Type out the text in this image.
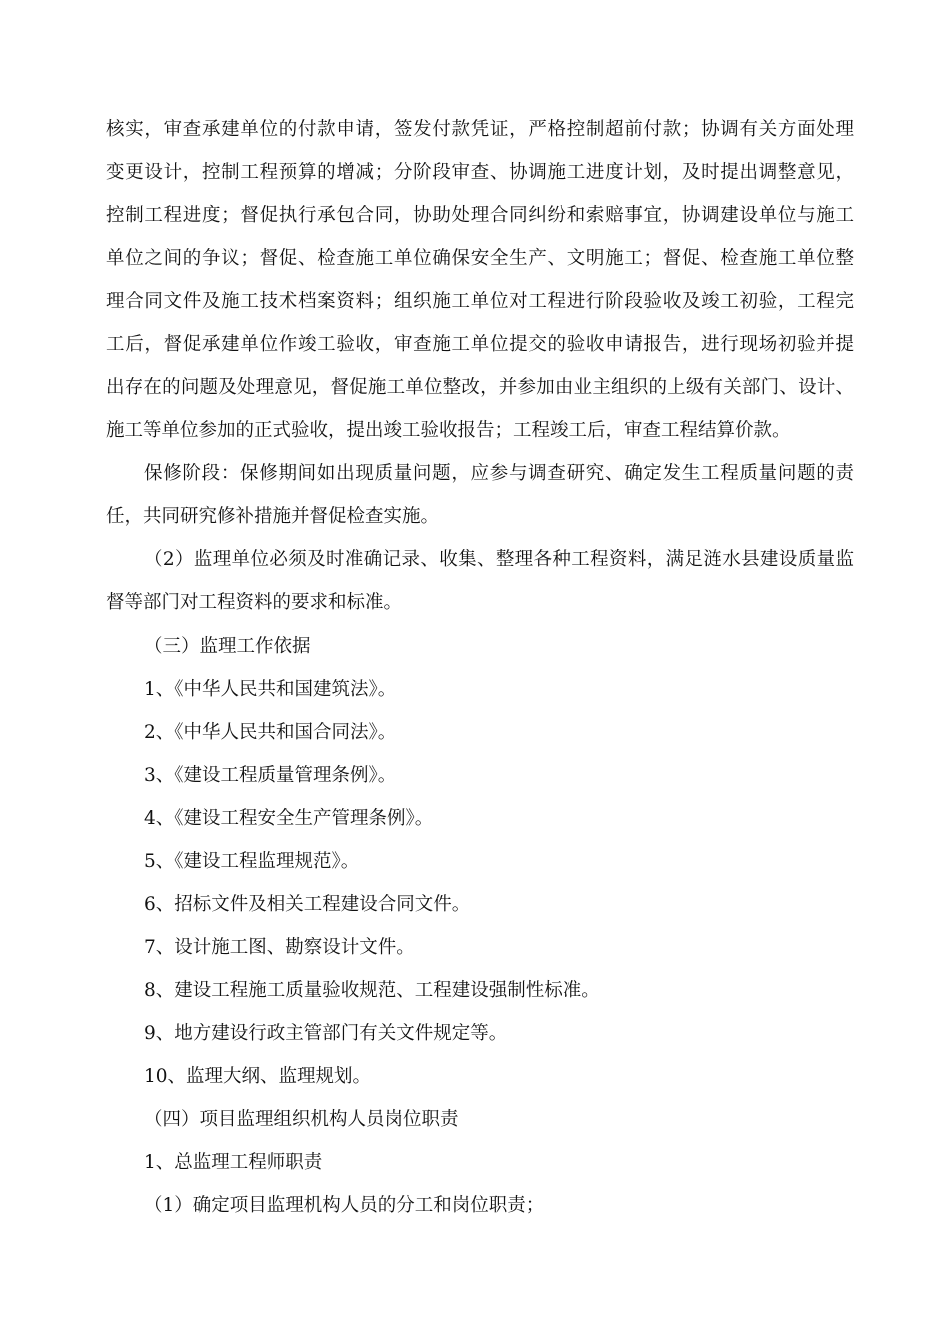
核实，审查承建单位的付款申请，签发付款凭证，严格控制超前付款；协调有关方面处理
变更设计，控制工程预算的增减；分阶段审查、协调施工进度计划，及时提出调整意见，
控制工程进度；督促执行承包合同，协助处理合同纠纷和索赔事宜，协调建设单位与施工
单位之间的争议；督促、检查施工单位确保安全生产、文明施工；督促、检查施工单位整
理合同文件及施工技术档案资料；组织施工单位对工程进行阶段验收及竣工初验，工程完
工后，督促承建单位作竣工验收，审查施工单位提交的验收申请报告，进行现场初验并提
出存在的问题及处理意见，督促施工单位整改，并参加由业主组织的上级有关部门、设计、
施工等单位参加的正式验收，提出竣工验收报告；工程竣工后，审查工程结算价款。
保修阶段：保修期间如出现质量问题，应参与调查研究、确定发生工程质量问题的责
任，共同研究修补措施并督促检查实施。
（2）监理单位必须及时准确记录、收集、整理各种工程资料，满足涟水县建设质量监
督等部门对工程资料的要求和标准。
（三）监理工作依据
1、《中华人民共和国建筑法》。
2、《中华人民共和国合同法》。
3、《建设工程质量管理条例》。
4、《建设工程安全生产管理条例》。
5、《建设工程监理规范》。
6、招标文件及相关工程建设合同文件。
7、设计施工图、勘察设计文件。
8、建设工程施工质量验收规范、工程建设强制性标准。
9、地方建设行政主管部门有关文件规定等。
10、监理大纲、监理规划。
（四）项目监理组织机构人员岗位职责
1、总监理工程师职责
（1）确定项目监理机构人员的分工和岗位职责；
